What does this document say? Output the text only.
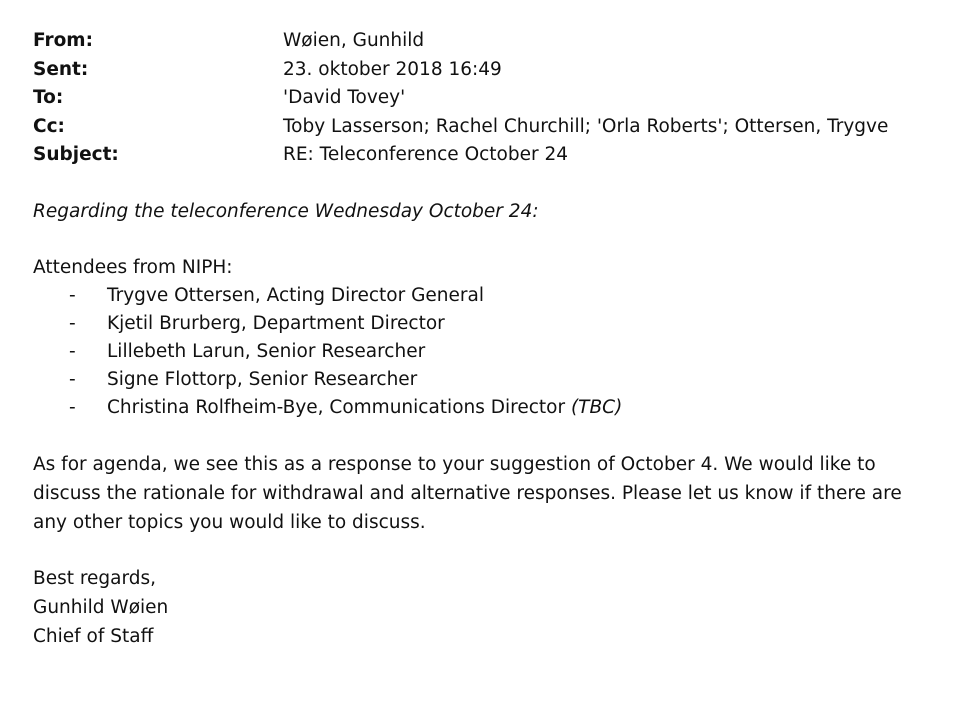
From:	Wøien, Gunhild
Sent:	23. oktober 2018 16:49
To:	'David Tovey'
Cc:	Toby Lasserson; Rachel Churchill; 'Orla Roberts'; Ottersen, Trygve
Subject:	RE: Teleconference October 24
Regarding the teleconference Wednesday October 24:
Attendees from NIPH:
-	Trygve Ottersen, Acting Director General
-	Kjetil Brurberg, Department Director
-	Lillebeth Larun, Senior Researcher
-	Signe Flottorp, Senior Researcher
-	Christina Rolfheim-Bye, Communications Director (TBC)
As for agenda, we see this as a response to your suggestion of October 4. We would like to discuss the rationale for withdrawal and alternative responses. Please let us know if there are any other topics you would like to discuss.
Best regards,
Gunhild Wøien
Chief of Staff
